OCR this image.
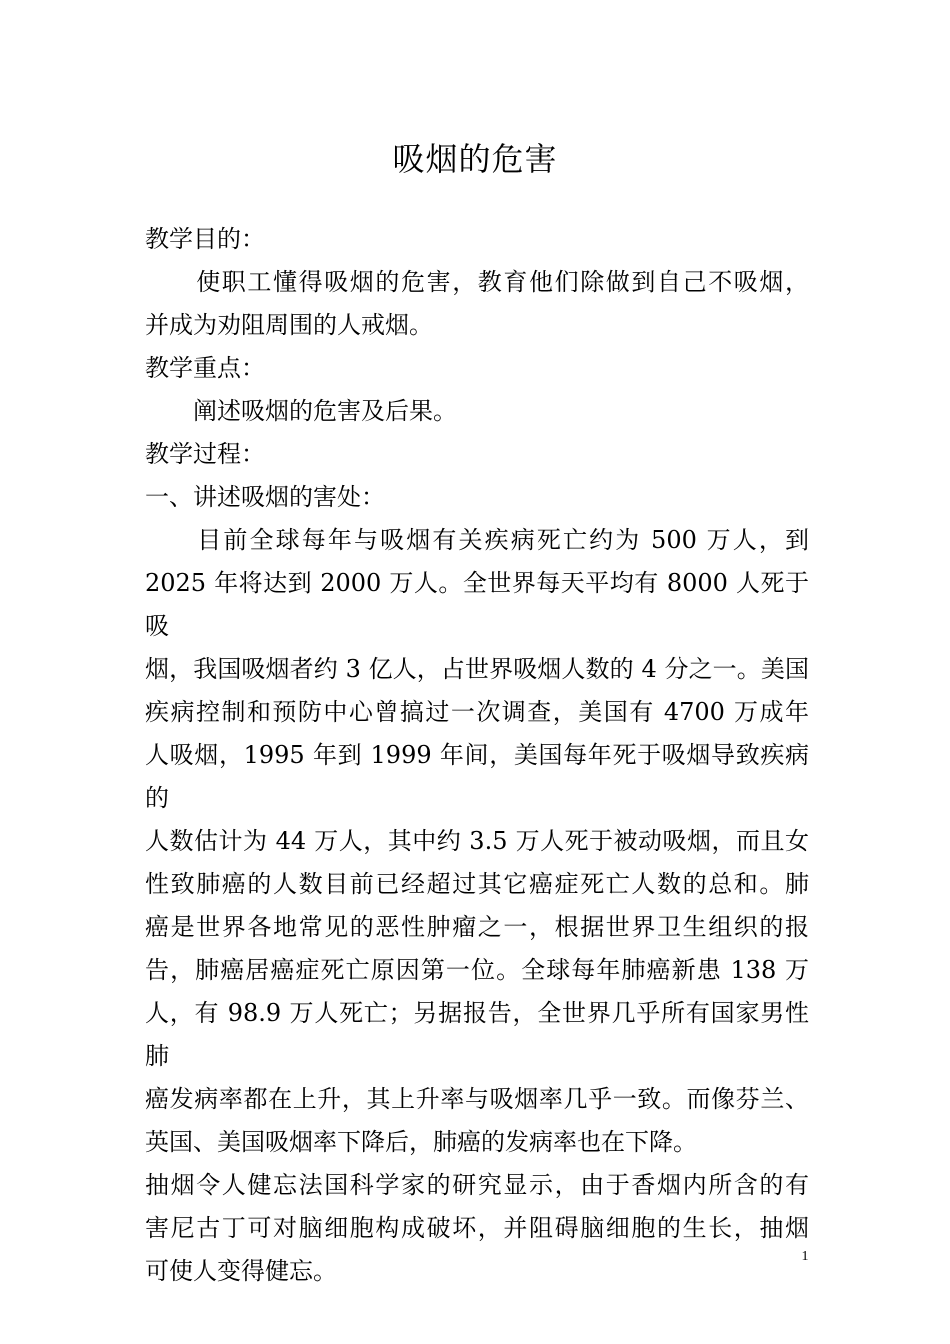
吸烟的危害

教学目的：

　　使职工懂得吸烟的危害，教育他们除做到自己不吸烟，

并成为劝阻周围的人戒烟。

教学重点：

　　阐述吸烟的危害及后果。

教学过程：

一、讲述吸烟的害处：

　　目前全球每年与吸烟有关疾病死亡约为 500 万人，到

2025 年将达到 2000 万人。全世界每天平均有 8000 人死于吸

烟，我国吸烟者约 3 亿人，占世界吸烟人数的 4 分之一。美国

疾病控制和预防中心曾搞过一次调查，美国有 4700 万成年

人吸烟，1995 年到 1999 年间，美国每年死于吸烟导致疾病的

人数估计为 44 万人，其中约 3.5 万人死于被动吸烟，而且女

性致肺癌的人数目前已经超过其它癌症死亡人数的总和。肺

癌是世界各地常见的恶性肿瘤之一，根据世界卫生组织的报

告，肺癌居癌症死亡原因第一位。全球每年肺癌新患 138 万

人，有 98.9 万人死亡；另据报告，全世界几乎所有国家男性肺

癌发病率都在上升，其上升率与吸烟率几乎一致。而像芬兰、

英国、美国吸烟率下降后，肺癌的发病率也在下降。

抽烟令人健忘法国科学家的研究显示，由于香烟内所含的有

害尼古丁可对脑细胞构成破坏，并阻碍脑细胞的生长，抽烟

可使人变得健忘。

1
